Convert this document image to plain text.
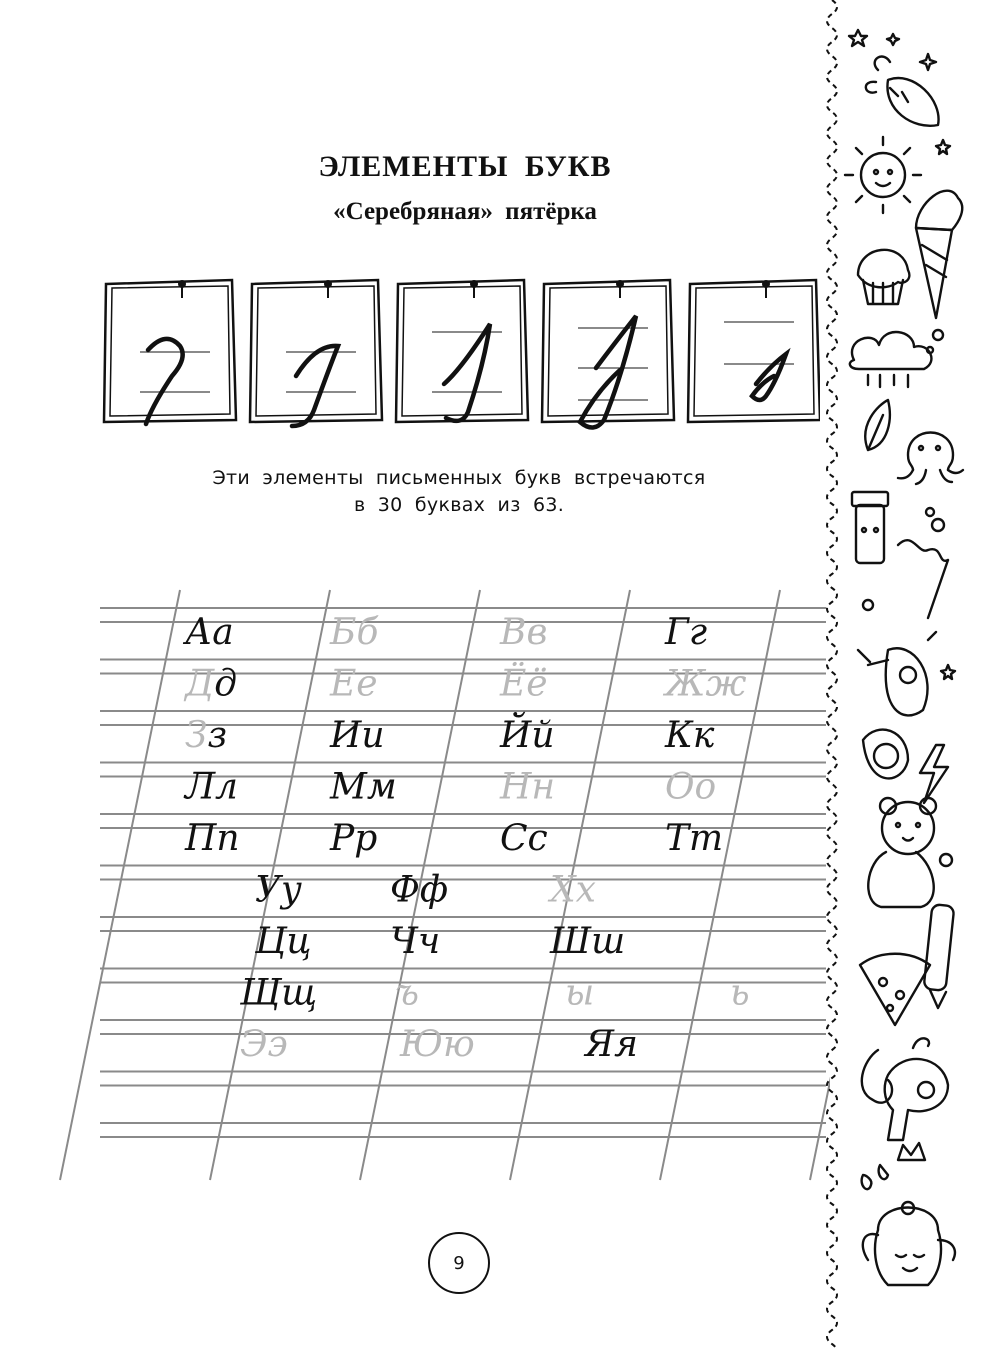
ЭЛЕМЕНТЫ БУКВ
«Серебряная» пятёрка
Эти элементы письменных букв встречаются
в 30 буквах из 63.
Аа	Бб	Вв	Гг
Дд	Ее	Ёё	Жж
Зз	Ии	Йй	Кк
Лл	Мм	Нн	Оо
Пп	Рр	Сс	Тт
Уу Фф	Хх
Цц Чч	Шш
Щщ ъ	ы	ь
Ээ	Юю	Яя
9
